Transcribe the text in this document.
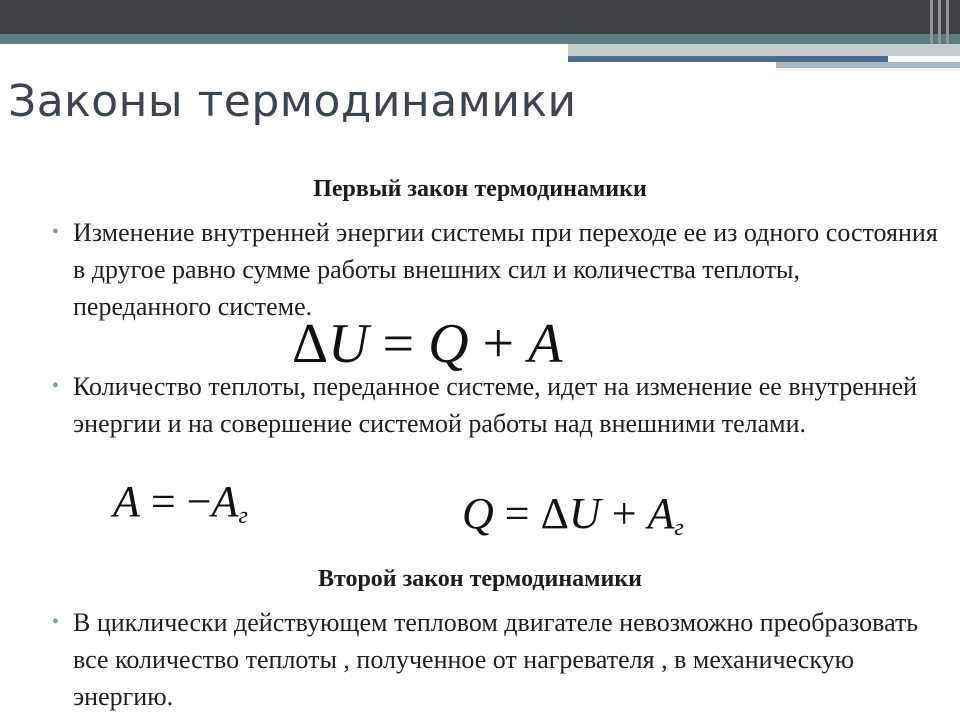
Законы термодинамики
Первый закон термодинамики
• Изменение внутренней энергии системы при переходе ее из одного состояния в другое равно сумме работы внешних сил и количества теплоты, переданного системе.
ΔU = Q + A
• Количество теплоты, переданное системе, идет на изменение ее внутренней энергии и на совершение системой работы над внешними телами.
$A = -A_г$	$Q = \Delta U + A_г$
Второй закон термодинамики
• В циклически действующем тепловом двигателе невозможно преобразовать все количество теплоты , полученное от нагревателя , в механическую энергию.
